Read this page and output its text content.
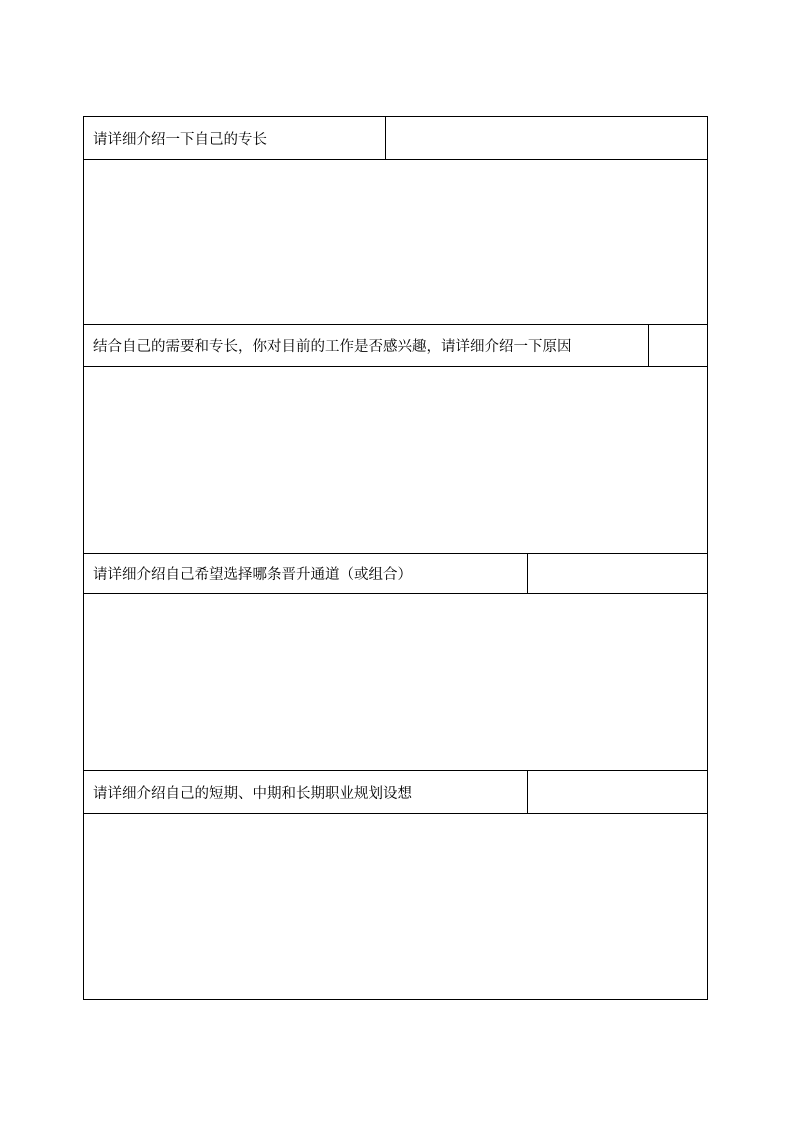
请详细介绍一下自己的专长
结合自己的需要和专长，你对目前的工作是否感兴趣，请详细介绍一下原因
请详细介绍自己希望选择哪条晋升通道（或组合）
请详细介绍自己的短期、中期和长期职业规划设想
